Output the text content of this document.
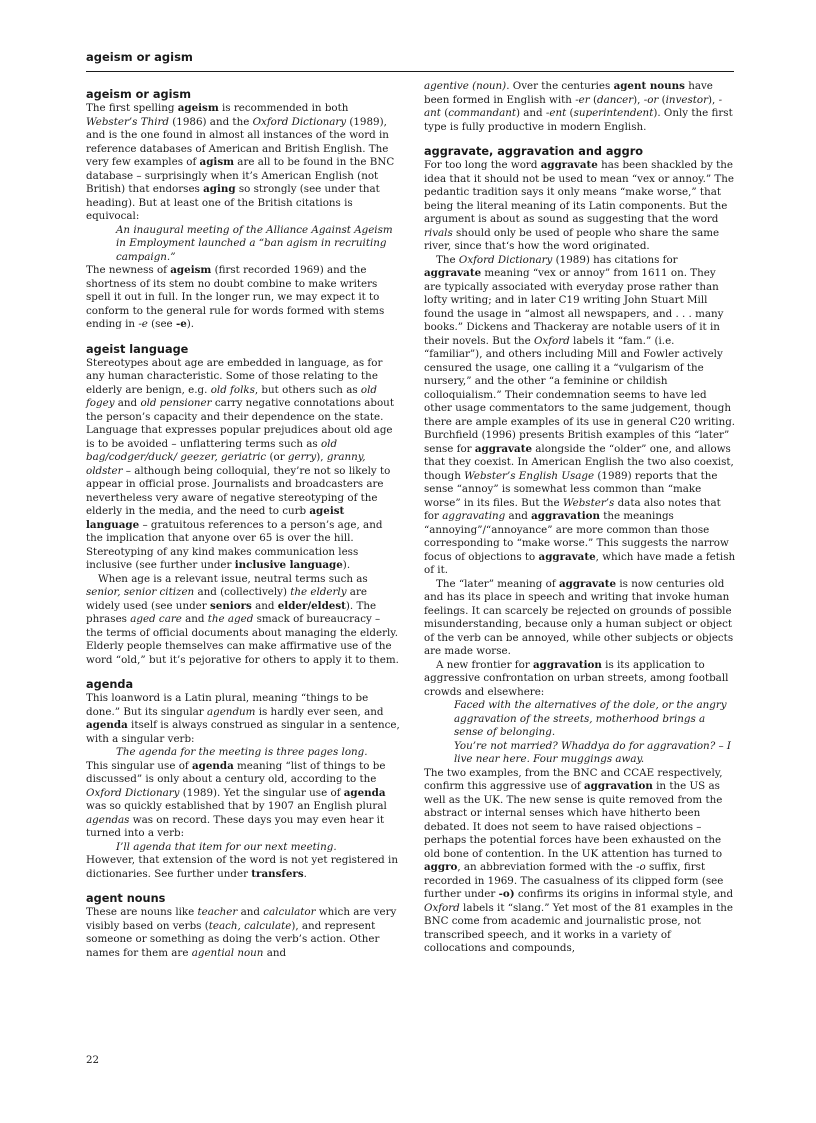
ageism or agism
ageism or agism

The first spelling ageism is recommended in both Webster’s Third (1986) and the Oxford Dictionary (1989), and is the one found in almost all instances of the word in reference databases of American and British English. The very few examples of agism are all to be found in the BNC database – surprisingly when it’s American English (not British) that endorses aging so strongly (see under that heading). But at least one of the British citations is equivocal:

An inaugural meeting of the Alliance Against Ageism in Employment launched a “ban agism in recruiting campaign.”

The newness of ageism (first recorded 1969) and the shortness of its stem no doubt combine to make writers spell it out in full. In the longer run, we may expect it to conform to the general rule for words formed with stems ending in -e (see -e).

ageist language

Stereotypes about age are embedded in language, as for any human characteristic. Some of those relating to the elderly are benign, e.g. old folks, but others such as old fogey and old pensioner carry negative connotations about the person’s capacity and their dependence on the state. Language that expresses popular prejudices about old age is to be avoided – unflattering terms such as old bag/codger/duck/ geezer, geriatric (or gerry), granny, oldster – although being colloquial, they’re not so likely to appear in official prose. Journalists and broadcasters are nevertheless very aware of negative stereotyping of the elderly in the media, and the need to curb ageist language – gratuitous references to a person’s age, and the implication that anyone over 65 is over the hill. Stereotyping of any kind makes communication less inclusive (see further under inclusive language).

When age is a relevant issue, neutral terms such as senior, senior citizen and (collectively) the elderly are widely used (see under seniors and elder/eldest). The phrases aged care and the aged smack of bureaucracy – the terms of official documents about managing the elderly. Elderly people themselves can make affirmative use of the word “old,” but it’s pejorative for others to apply it to them.

agenda

This loanword is a Latin plural, meaning “things to be done.” But its singular agendum is hardly ever seen, and agenda itself is always construed as singular in a sentence, with a singular verb:

The agenda for the meeting is three pages long.

This singular use of agenda meaning “list of things to be discussed” is only about a century old, according to the Oxford Dictionary (1989). Yet the singular use of agenda was so quickly established that by 1907 an English plural agendas was on record. These days you may even hear it turned into a verb:

I’ll agenda that item for our next meeting.

However, that extension of the word is not yet registered in dictionaries. See further under transfers.

agent nouns

These are nouns like teacher and calculator which are very visibly based on verbs (teach, calculate), and represent someone or something as doing the verb’s action. Other names for them are agential noun and

agentive (noun). Over the centuries agent nouns have been formed in English with -er (dancer), -or (investor), -ant (commandant) and -ent (superintendent). Only the first type is fully productive in modern English.

aggravate, aggravation and aggro

For too long the word aggravate has been shackled by the idea that it should not be used to mean “vex or annoy.” The pedantic tradition says it only means “make worse,” that being the literal meaning of its Latin components. But the argument is about as sound as suggesting that the word rivals should only be used of people who share the same river, since that‘s how the word originated.

The Oxford Dictionary (1989) has citations for aggravate meaning “vex or annoy” from 1611 on. They are typically associated with everyday prose rather than lofty writing; and in later C19 writing John Stuart Mill found the usage in “almost all newspapers, and . . . many books.” Dickens and Thackeray are notable users of it in their novels. But the Oxford labels it “fam.” (i.e. “familiar”), and others including Mill and Fowler actively censured the usage, one calling it a “vulgarism of the nursery,” and the other “a feminine or childish colloquialism.” Their condemnation seems to have led other usage commentators to the same judgement, though there are ample examples of its use in general C20 writing. Burchfield (1996) presents British examples of this “later” sense for aggravate alongside the “older” one, and allows that they coexist. In American English the two also coexist, though Webster’s English Usage (1989) reports that the sense “annoy” is somewhat less common than “make worse” in its files. But the Webster’s data also notes that for aggravating and aggravation the meanings “annoying”/“annoyance” are more common than those corresponding to “make worse.” This suggests the narrow focus of objections to aggravate, which have made a fetish of it.

The “later” meaning of aggravate is now centuries old and has its place in speech and writing that invoke human feelings. It can scarcely be rejected on grounds of possible misunderstanding, because only a human subject or object of the verb can be annoyed, while other subjects or objects are made worse.

A new frontier for aggravation is its application to aggressive confrontation on urban streets, among football crowds and elsewhere:

Faced with the alternatives of the dole, or the angry aggravation of the streets, motherhood brings a sense of belonging.

You’re not married? Whaddya do for aggravation? – I live near here. Four muggings away.

The two examples, from the BNC and CCAE respectively, confirm this aggressive use of aggravation in the US as well as the UK. The new sense is quite removed from the abstract or internal senses which have hitherto been debated. It does not seem to have raised objections – perhaps the potential forces have been exhausted on the old bone of contention. In the UK attention has turned to aggro, an abbreviation formed with the -o suffix, first recorded in 1969. The casualness of its clipped form (see further under -o) confirms its origins in informal style, and Oxford labels it “slang.” Yet most of the 81 examples in the BNC come from academic and journalistic prose, not transcribed speech, and it works in a variety of collocations and compounds,

22
